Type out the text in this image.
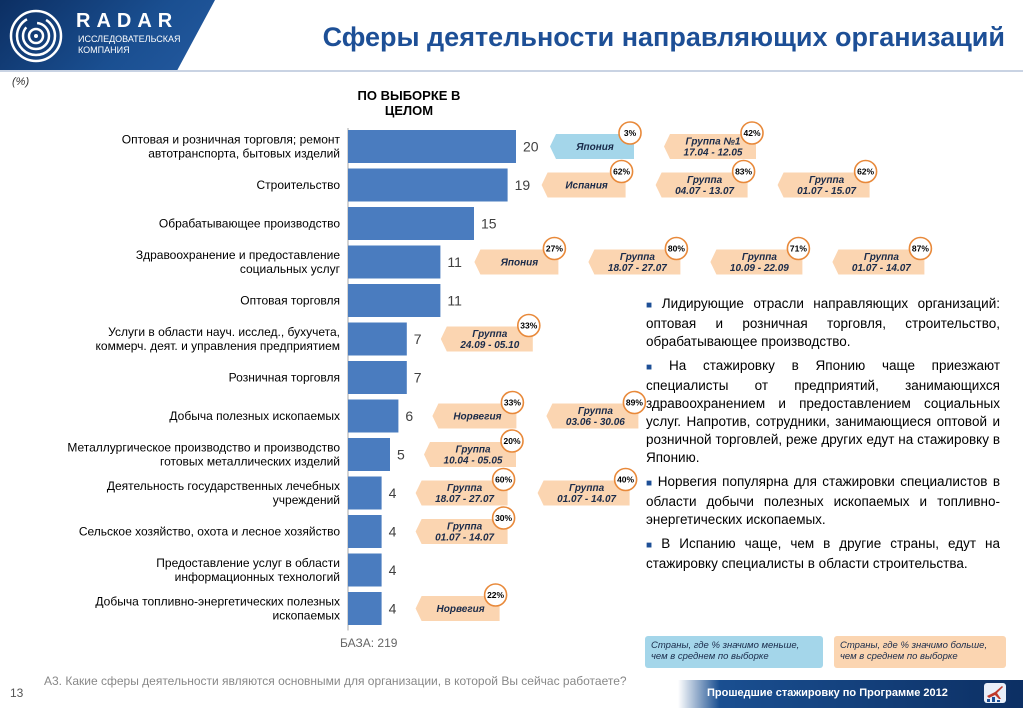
RADAR
ИССЛЕДОВАТЕЛЬСКАЯ КОМПАНИЯ	Сферы деятельности направляющих организаций
(%)
ПО ВЫБОРКЕ В ЦЕЛОМ
20
Оптовая и розничная торговля; ремонт
автотранспорта, бытовых изделий
19
Строительство
15
Обрабатывающее производство
11
Здравоохранение и предоставление
социальных услуг
11
Оптовая торговля
7
Услуги в области науч. исслед., бухучета,
коммерч. деят. и управления предприятием
7
Розничная торговля
6
Добыча полезных ископаемых
5
Металлургическое производство и производство
готовых металлических изделий
4
Деятельность государственных лечебных
учреждений
4
Сельское хозяйство, охота и лесное хозяйство
4
Предоставление услуг в области
информационных технологий
4
Добыча топливно-энергетических полезных
ископаемых
Япония
3%
Группа №1
17.04 - 12.05
42%
Испания
62%
Группа
04.07 - 13.07
83%
Группа
01.07 - 15.07
62%
Япония
27%
Группа
18.07 - 27.07
80%
Группа
10.09 - 22.09
71%
Группа
01.07 - 14.07
87%
Группа
24.09 - 05.10
33%
Норвегия
33%
Группа
03.06 - 30.06
89%
Группа
10.04 - 05.05
20%
Группа
18.07 - 27.07
60%
Группа
01.07 - 14.07
40%
Группа
01.07 - 14.07
30%
Норвегия
22%

■ Лидирующие отрасли направляющих организаций: оптовая и розничная торговля, строительство, обрабатывающее производство.

■ На стажировку в Японию чаще приезжают специалисты от предприятий, занимающихся здравоохранением и предоставлением социальных услуг. Напротив, сотрудники, занимающиеся оптовой и розничной торговлей, реже других едут на стажировку в Японию.

■ Норвегия популярна для стажировки специалистов в области добычи полезных ископаемых и топливно-энергетических ископаемых.

■ В Испанию чаще, чем в другие страны, едут на стажировку специалисты в области строительства.

БАЗА: 219	Страны, где % значимо меньше, чем в среднем по выборке
Страны, где % значимо больше, чем в среднем по выборке
13
А3. Какие сферы деятельности являются основными для организации, в которой Вы сейчас работаете?
Прошедшие стажировку по Программе 2012
